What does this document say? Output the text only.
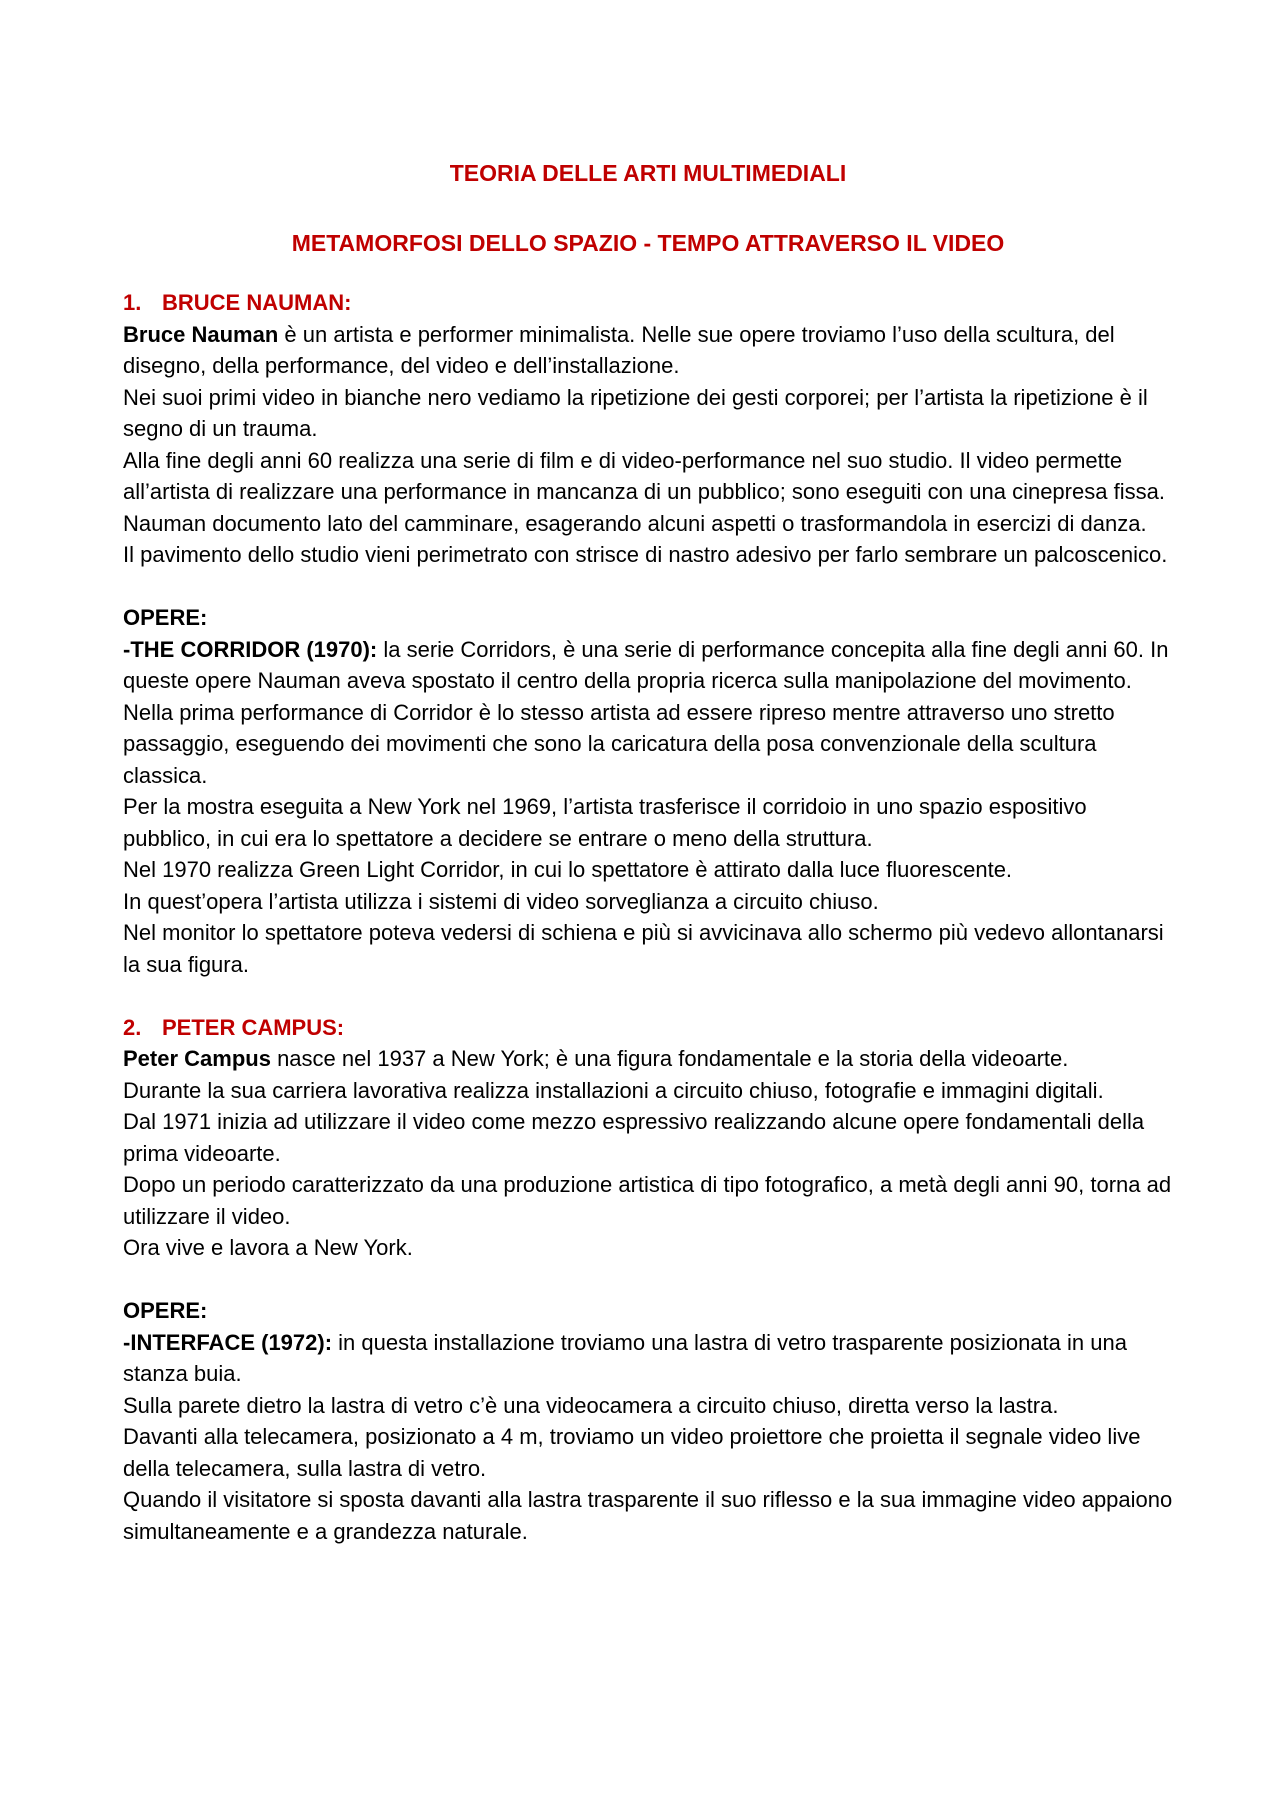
TEORIA DELLE ARTI MULTIMEDIALI
METAMORFOSI DELLO SPAZIO - TEMPO ATTRAVERSO IL VIDEO

1. BRUCE NAUMAN:

Bruce Nauman è un artista e performer minimalista. Nelle sue opere troviamo l’uso della scultura, del disegno, della performance, del video e dell’installazione.

Nei suoi primi video in bianche nero vediamo la ripetizione dei gesti corporei; per l’artista la ripetizione è il segno di un trauma.

Alla fine degli anni 60 realizza una serie di film e di video-performance nel suo studio. Il video permette all’artista di realizzare una performance in mancanza di un pubblico; sono eseguiti con una cinepresa fissa.

Nauman documento lato del camminare, esagerando alcuni aspetti o trasformandola in esercizi di danza.

Il pavimento dello studio vieni perimetrato con strisce di nastro adesivo per farlo sembrare un palcoscenico.

OPERE:

-THE CORRIDOR (1970): la serie Corridors, è una serie di performance concepita alla fine degli anni 60. In queste opere Nauman aveva spostato il centro della propria ricerca sulla manipolazione del movimento. Nella prima performance di Corridor è lo stesso artista ad essere ripreso mentre attraverso uno stretto passaggio, eseguendo dei movimenti che sono la caricatura della posa convenzionale della scultura classica.

Per la mostra eseguita a New York nel 1969, l’artista trasferisce il corridoio in uno spazio espositivo pubblico, in cui era lo spettatore a decidere se entrare o meno della struttura.

Nel 1970 realizza Green Light Corridor, in cui lo spettatore è attirato dalla luce fluorescente.

In quest’opera l’artista utilizza i sistemi di video sorveglianza a circuito chiuso.

Nel monitor lo spettatore poteva vedersi di schiena e più si avvicinava allo schermo più vedevo allontanarsi la sua figura.

2. PETER CAMPUS:

Peter Campus nasce nel 1937 a New York; è una figura fondamentale e la storia della videoarte.

Durante la sua carriera lavorativa realizza installazioni a circuito chiuso, fotografie e immagini digitali.

Dal 1971 inizia ad utilizzare il video come mezzo espressivo realizzando alcune opere fondamentali della prima videoarte.

Dopo un periodo caratterizzato da una produzione artistica di tipo fotografico, a metà degli anni 90, torna ad utilizzare il video.

Ora vive e lavora a New York.

OPERE:

-INTERFACE (1972): in questa installazione troviamo una lastra di vetro trasparente posizionata in una stanza buia.

Sulla parete dietro la lastra di vetro c’è una videocamera a circuito chiuso, diretta verso la lastra.

Davanti alla telecamera, posizionato a 4 m, troviamo un video proiettore che proietta il segnale video live della telecamera, sulla lastra di vetro.

Quando il visitatore si sposta davanti alla lastra trasparente il suo riflesso e la sua immagine video appaiono simultaneamente e a grandezza naturale.
